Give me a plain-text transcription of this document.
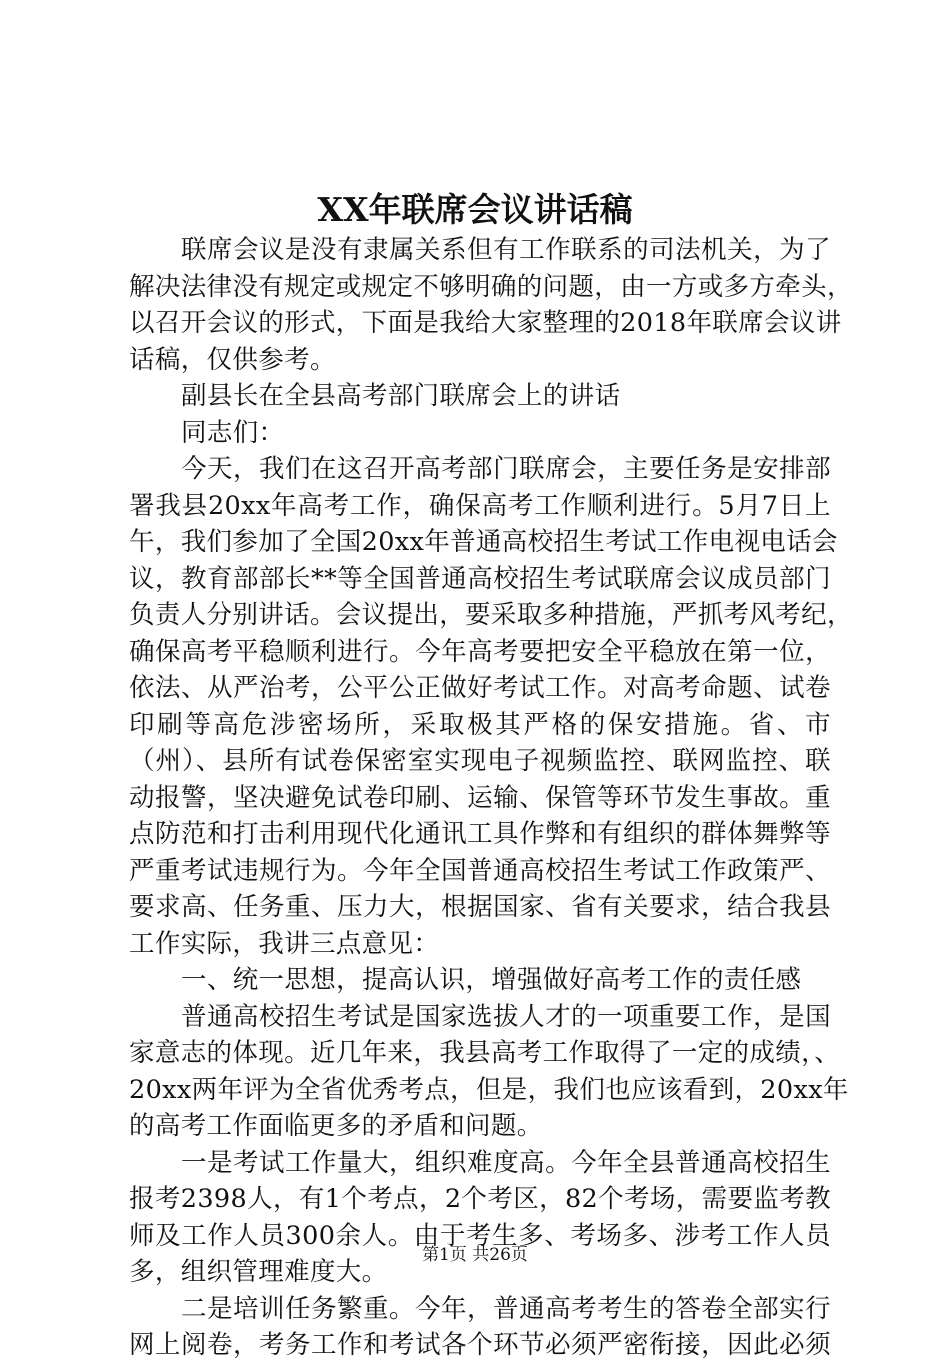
XX年联席会议讲话稿
联席会议是没有隶属关系但有工作联系的司法机关，为了
解决法律没有规定或规定不够明确的问题，由一方或多方牵头，
以召开会议的形式，下面是我给大家整理的2018年联席会议讲
话稿，仅供参考。
副县长在全县高考部门联席会上的讲话
同志们：
今天，我们在这召开高考部门联席会，主要任务是安排部
署我县20xx年高考工作，确保高考工作顺利进行。5月7日上
午，我们参加了全国20xx年普通高校招生考试工作电视电话会
议，教育部部长**等全国普通高校招生考试联席会议成员部门
负责人分别讲话。会议提出，要采取多种措施，严抓考风考纪，
确保高考平稳顺利进行。今年高考要把安全平稳放在第一位，
依法、从严治考，公平公正做好考试工作。对高考命题、试卷
印刷等高危涉密场所，采取极其严格的保安措施。省、市
（州）、县所有试卷保密室实现电子视频监控、联网监控、联
动报警，坚决避免试卷印刷、运输、保管等环节发生事故。重
点防范和打击利用现代化通讯工具作弊和有组织的群体舞弊等
严重考试违规行为。今年全国普通高校招生考试工作政策严、
要求高、任务重、压力大，根据国家、省有关要求，结合我县
工作实际，我讲三点意见：
一、统一思想，提高认识，增强做好高考工作的责任感
普通高校招生考试是国家选拔人才的一项重要工作，是国
家意志的体现。近几年来，我县高考工作取得了一定的成绩，、
20xx两年评为全省优秀考点，但是，我们也应该看到，20xx年
的高考工作面临更多的矛盾和问题。
一是考试工作量大，组织难度高。今年全县普通高校招生
报考2398人，有1个考点，2个考区，82个考场，需要监考教
师及工作人员300余人。由于考生多、考场多、涉考工作人员
多，组织管理难度大。
二是培训任务繁重。今年，普通高考考生的答卷全部实行
网上阅卷，考务工作和考试各个环节必须严密衔接，因此必须
第1页 共26页
